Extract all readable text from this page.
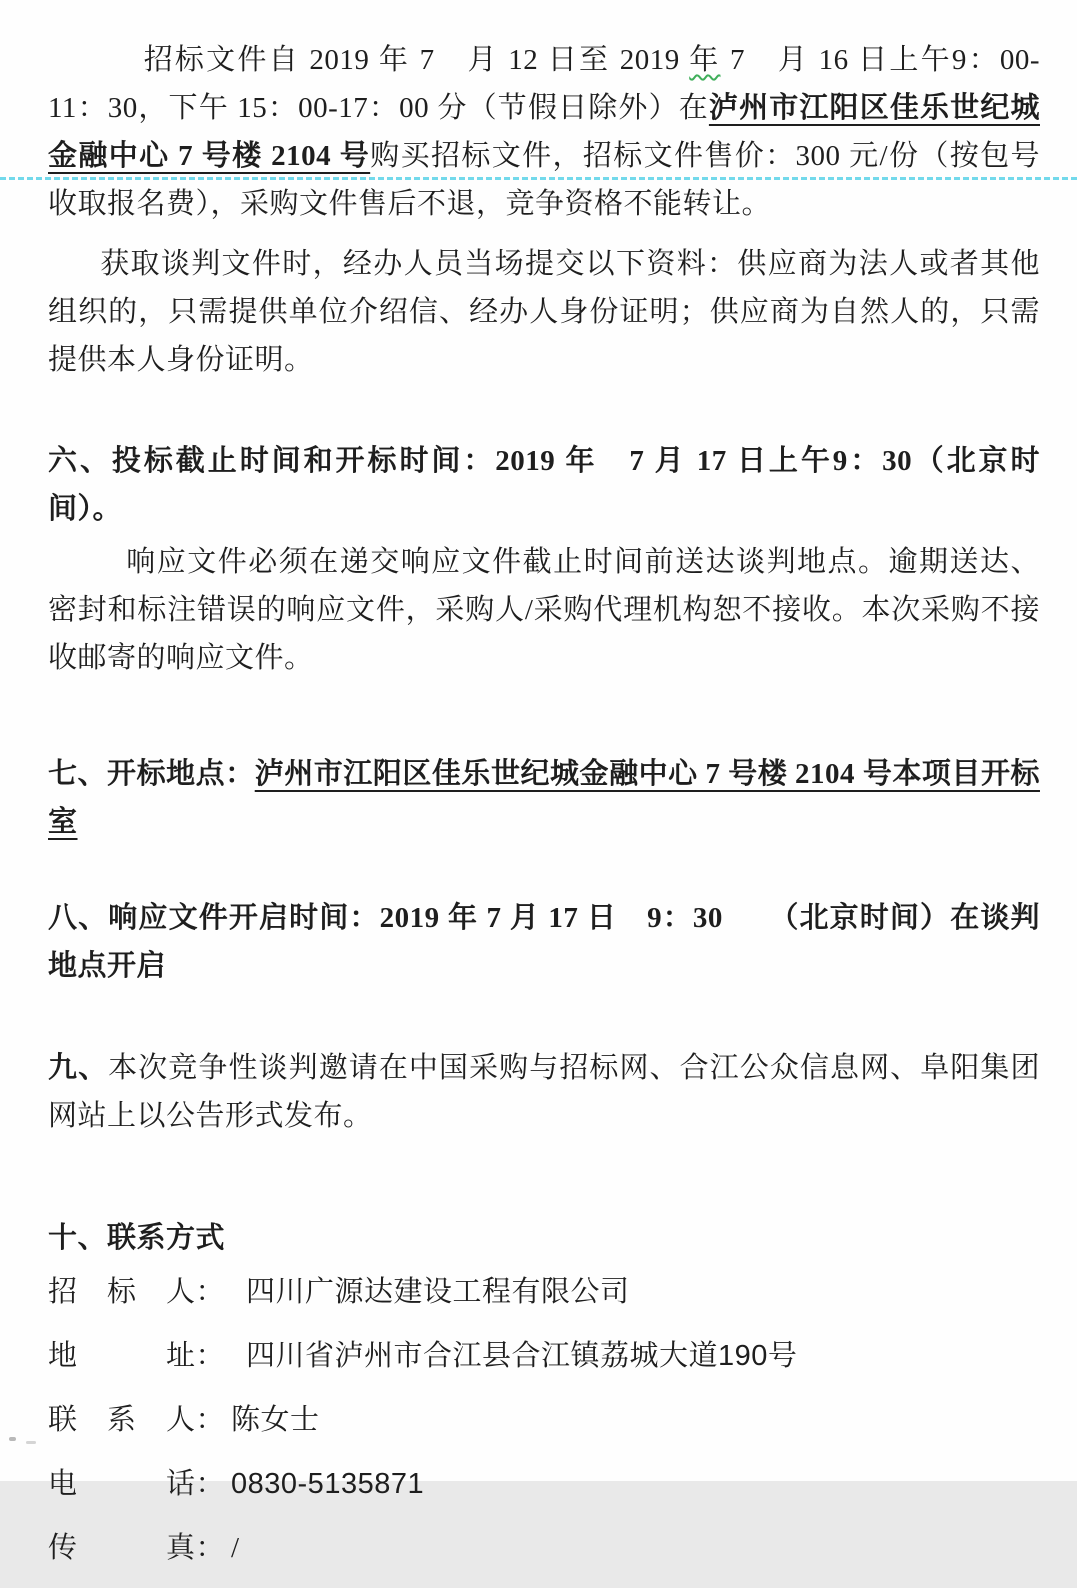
招标文件自 2019 年 7　月 12 日至 2019 年 7　月 16 日上午9：00-11：30，下午 15：00-17：00 分（节假日除外）在泸州市江阳区佳乐世纪城金融中心 7 号楼 2104 号购买招标文件，招标文件售价：300 元/份（按包号收取报名费），采购文件售后不退，竞争资格不能转让。
获取谈判文件时，经办人员当场提交以下资料：供应商为法人或者其他组织的，只需提供单位介绍信、经办人身份证明；供应商为自然人的，只需提供本人身份证明。
六、投标截止时间和开标时间：2019 年　7 月 17 日上午9：30（北京时间）。
响应文件必须在递交响应文件截止时间前送达谈判地点。逾期送达、密封和标注错误的响应文件，采购人/采购代理机构恕不接收。本次采购不接收邮寄的响应文件。
七、开标地点：泸州市江阳区佳乐世纪城金融中心 7 号楼 2104 号本项目开标室
八、响应文件开启时间：2019 年 7 月 17 日　9：30　　（北京时间）在谈判地点开启
九、本次竞争性谈判邀请在中国采购与招标网、合江公众信息网、阜阳集团网站上以公告形式发布。
十、联系方式
招　标　人：　四川广源达建设工程有限公司
地　　　址：　四川省泸州市合江县合江镇荔城大道190号
联　系　人： 陈女士
电　　　话： 0830-5135871
传　　　真： /
